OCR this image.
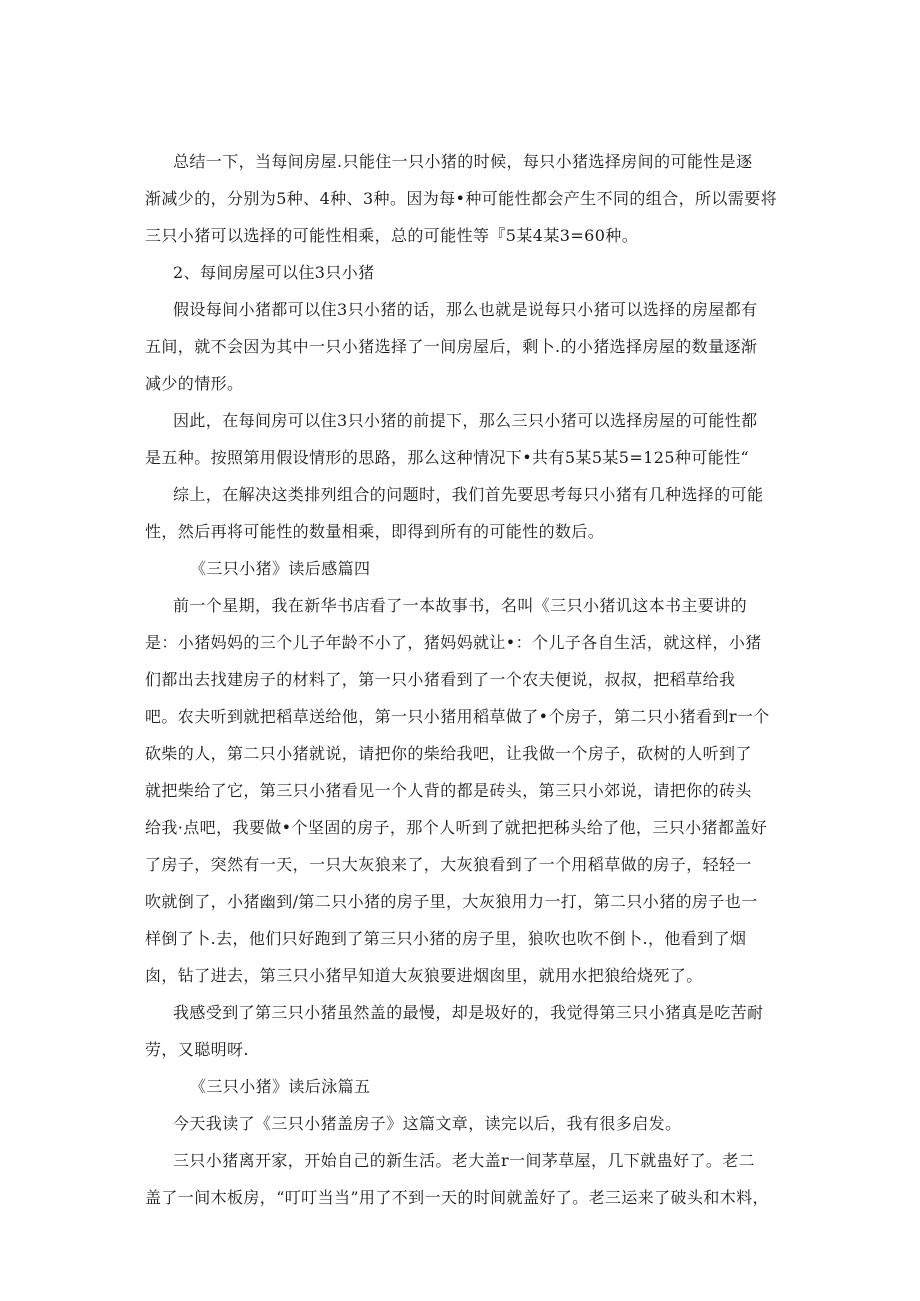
总结一下，当每间房屋.只能住一只小猪的时候，每只小猪选择房间的可能性是逐
渐减少的，分别为5种、4种、3种。因为每•种可能性都会产生不同的组合，所以需要将
三只小猪可以选择的可能性相乘，总的可能性等『5某4某3=60种。
2、每间房屋可以住3只小猪
假设每间小猪都可以住3只小猪的话，那么也就是说每只小猪可以选择的房屋都有
五间，就不会因为其中一只小猪选择了一间房屋后，剩卜.的小猪选择房屋的数量逐渐
减少的情形。
因此，在每间房可以住3只小猪的前提下，那么三只小猪可以选择房屋的可能性都
是五种。按照第用假设情形的思路，那么这种情况下•共有5某5某5=125种可能性“
综上，在解决这类排列组合的问题时，我们首先要思考每只小猪有几种选择的可能
性，然后再将可能性的数量相乘，即得到所有的可能性的数后。
《三只小猪》读后感篇四
前一个星期，我在新华书店看了一本故事书，名叫《三只小猪讥这本书主要讲的
是：小猪妈妈的三个儿子年龄不小了，猪妈妈就让•：个儿子各自生活，就这样，小猪
们都出去找建房子的材料了，第一只小猪看到了一个农夫便说，叔叔，把稻草给我
吧。农夫听到就把稻草送给他，第一只小猪用稻草做了•个房子，第二只小猪看到r一个
砍柴的人，第二只小猪就说，请把你的柴给我吧，让我做一个房子，砍树的人听到了
就把柴给了它，第三只小猪看见一个人背的都是砖头，第三只小郊说，请把你的砖头
给我·点吧，我要做•个坚固的房子，那个人听到了就把把秭头给了他，三只小猪都盖好
了房子，突然有一天，一只大灰狼来了，大灰狼看到了一个用稻草做的房子，轻轻一
吹就倒了，小猪幽到/第二只小猪的房子里，大灰狼用力一打，第二只小猪的房子也一
样倒了卜.去，他们只好跑到了第三只小猪的房子里，狼吹也吹不倒卜.，他看到了烟
囱，钻了进去，第三只小猪早知道大灰狼要进烟囱里，就用水把狼给烧死了。
我感受到了第三只小猪虽然盖的最慢，却是圾好的，我觉得第三只小猪真是吃苦耐
劳，又聪明呀.
《三只小猪》读后泳篇五
今天我读了《三只小猪盖房子》这篇文章，读完以后，我有很多启发。
三只小猪离开家，开始自己的新生活。老大盖r一间茅草屋，几下就蛊好了。老二
盖了一间木板房，“叮叮当当”用了不到一天的时间就盖好了。老三运来了破头和木料，
